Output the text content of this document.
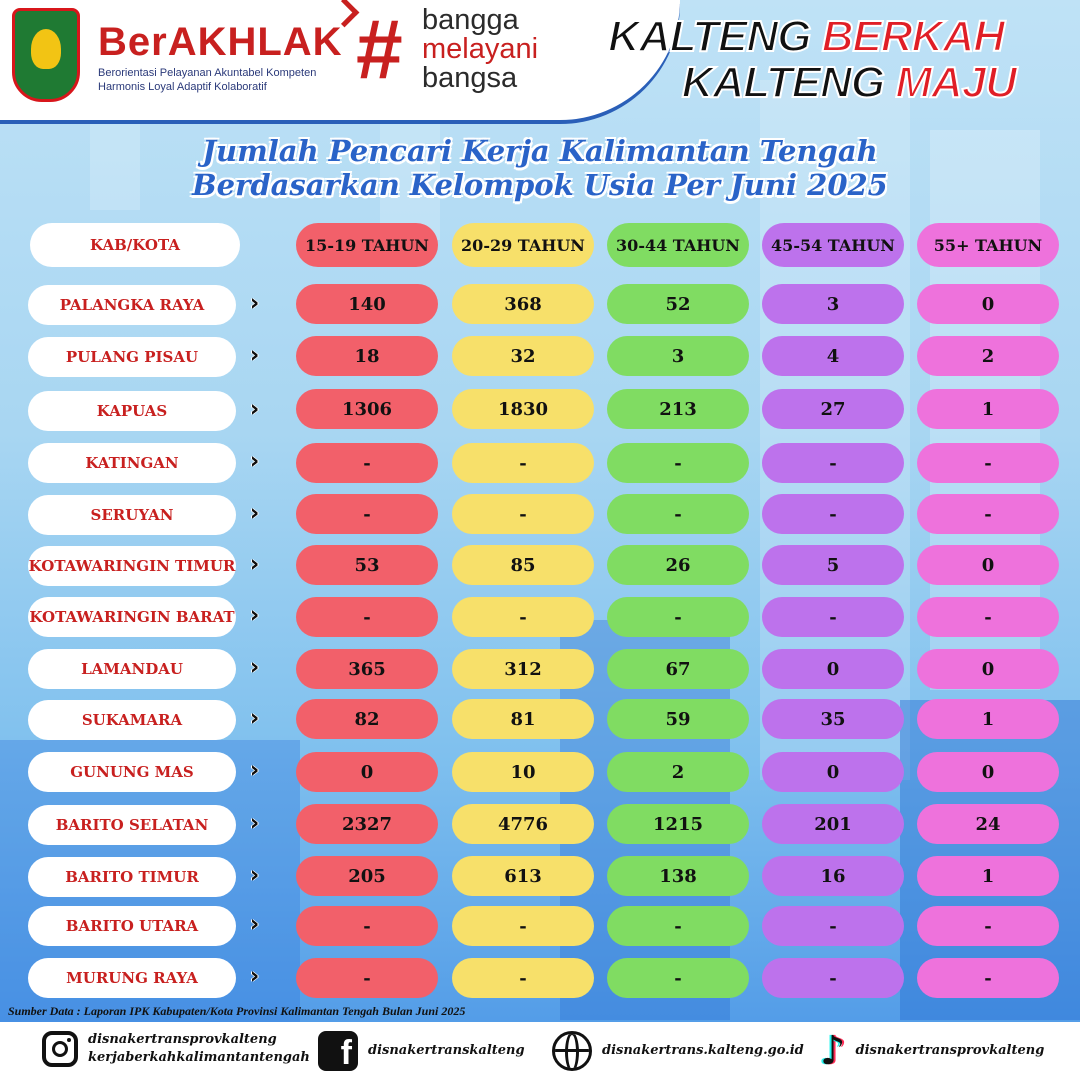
BerAKHLAK
Berorientasi Pelayanan Akuntabel Kompeten
Harmonis Loyal Adaptif Kolaboratif	# bangga
melayani
bangsa
KALTENG BERKAH
KALTENG MAJU
Jumlah Pencari Kerja Kalimantan Tengah
Berdasarkan Kelompok Usia Per Juni 2025
KAB/KOTA	15-19 TAHUN	20-29 TAHUN	30-44 TAHUN	45-54 TAHUN	55+ TAHUN
PALANGKA RAYA	›››	140	368	52	3	0
PULANG PISAU	›››	18	32	3	4	2
KAPUAS	›››	1306	1830	213	27	1
KATINGAN	›››	-	-	-	-	-
SERUYAN	›››	-	-	-	-	-
KOTAWARINGIN TIMUR ›››	53	85	26	5	0
KOTAWARINGIN BARAT ›››	-	-	-	-	-
LAMANDAU	›››	365	312	67	0	0
SUKAMARA	›››	82	81	59	35	1
GUNUNG MAS	›››	0	10	2	0	0
BARITO SELATAN	›››	2327	4776	1215	201	24
BARITO TIMUR	›››	205	613	138	16	1
BARITO UTARA	›››	-	-	-	-	-
MURUNG RAYA	›››	-	-	-	-	-
Sumber Data : Laporan IPK Kabupaten/Kota Provinsi Kalimantan Tengah Bulan Juni 2025
disnakertransprovkalteng
kerjaberkahkalimantantengah f	disnakertranskalteng	disnakertrans.kalteng.go.id ♪ disnakertransprovkalteng
